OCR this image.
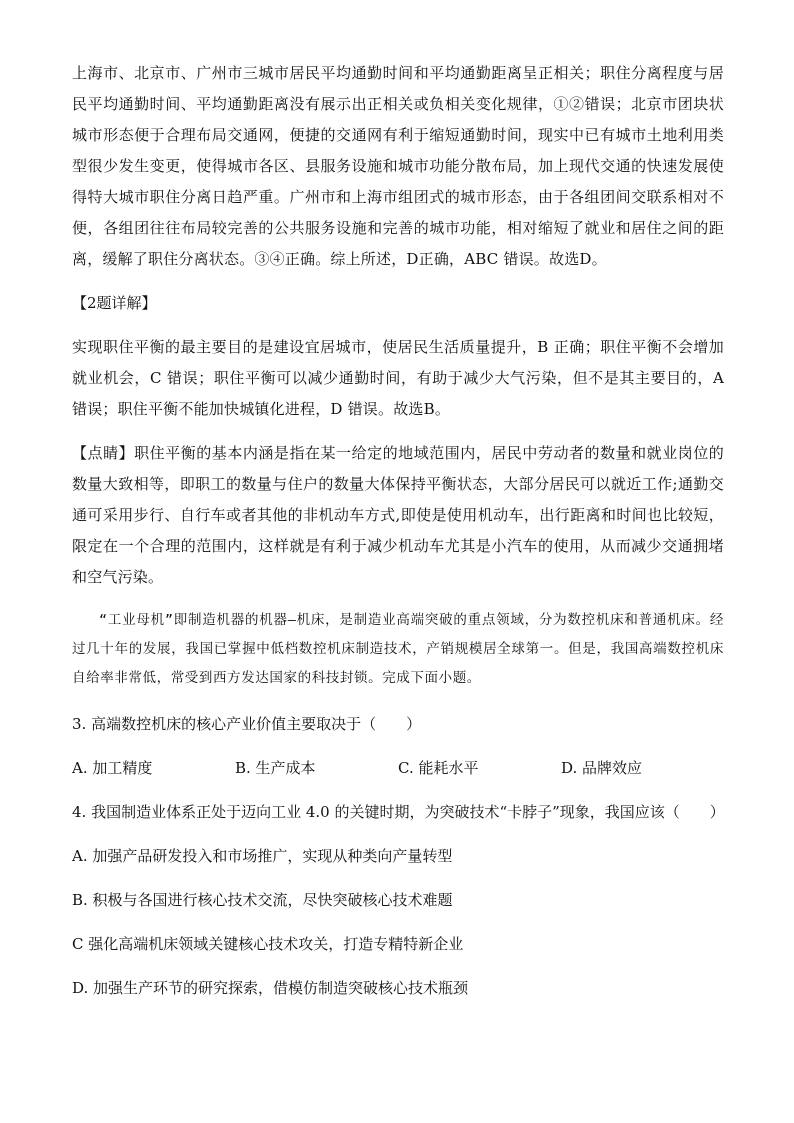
上海市、北京市、广州市三城市居民平均通勤时间和平均通勤距离呈正相关；职住分离程度与居民平均通勤时间、平均通勤距离没有展示出正相关或负相关变化规律，①②错误；北京市团块状城市形态便于合理布局交通网，便捷的交通网有利于缩短通勤时间，现实中已有城市土地利用类型很少发生变更，使得城市各区、县服务设施和城市功能分散布局，加上现代交通的快速发展使得特大城市职住分离日趋严重。广州市和上海市组团式的城市形态，由于各组团间交联系相对不便，各组团往往布局较完善的公共服务设施和完善的城市功能，相对缩短了就业和居住之间的距离，缓解了职住分离状态。③④正确。综上所述，D正确，ABC 错误。故选D。

【2题详解】

实现职住平衡的最主要目的是建设宜居城市，使居民生活质量提升，B 正确；职住平衡不会增加就业机会，C 错误；职住平衡可以减少通勤时间，有助于减少大气污染，但不是其主要目的，A 错误；职住平衡不能加快城镇化进程，D 错误。故选B。

【点睛】职住平衡的基本内涵是指在某一给定的地域范围内，居民中劳动者的数量和就业岗位的数量大致相等，即职工的数量与住户的数量大体保持平衡状态，大部分居民可以就近工作;通勤交通可采用步行、自行车或者其他的非机动车方式,即使是使用机动车，出行距离和时间也比较短，限定在一个合理的范围内，这样就是有利于减少机动车尤其是小汽车的使用，从而减少交通拥堵和空气污染。

“工业母机”即制造机器的机器—机床，是制造业高端突破的重点领域，分为数控机床和普通机床。经过几十年的发展，我国已掌握中低档数控机床制造技术，产销规模居全球第一。但是，我国高端数控机床自给率非常低，常受到西方发达国家的科技封锁。完成下面小题。

3. 高端数控机床的核心产业价值主要取决于（　　）

A. 加工精度	B. 生产成本	C. 能耗水平	D. 品牌效应

4. 我国制造业体系正处于迈向工业 4.0 的关键时期，为突破技术“卡脖子”现象，我国应该（　　）

A. 加强产品研发投入和市场推广，实现从种类向产量转型

B. 积极与各国进行核心技术交流，尽快突破核心技术难题

C 强化高端机床领域关键核心技术攻关，打造专精特新企业

D. 加强生产环节的研究探索，借模仿制造突破核心技术瓶颈
